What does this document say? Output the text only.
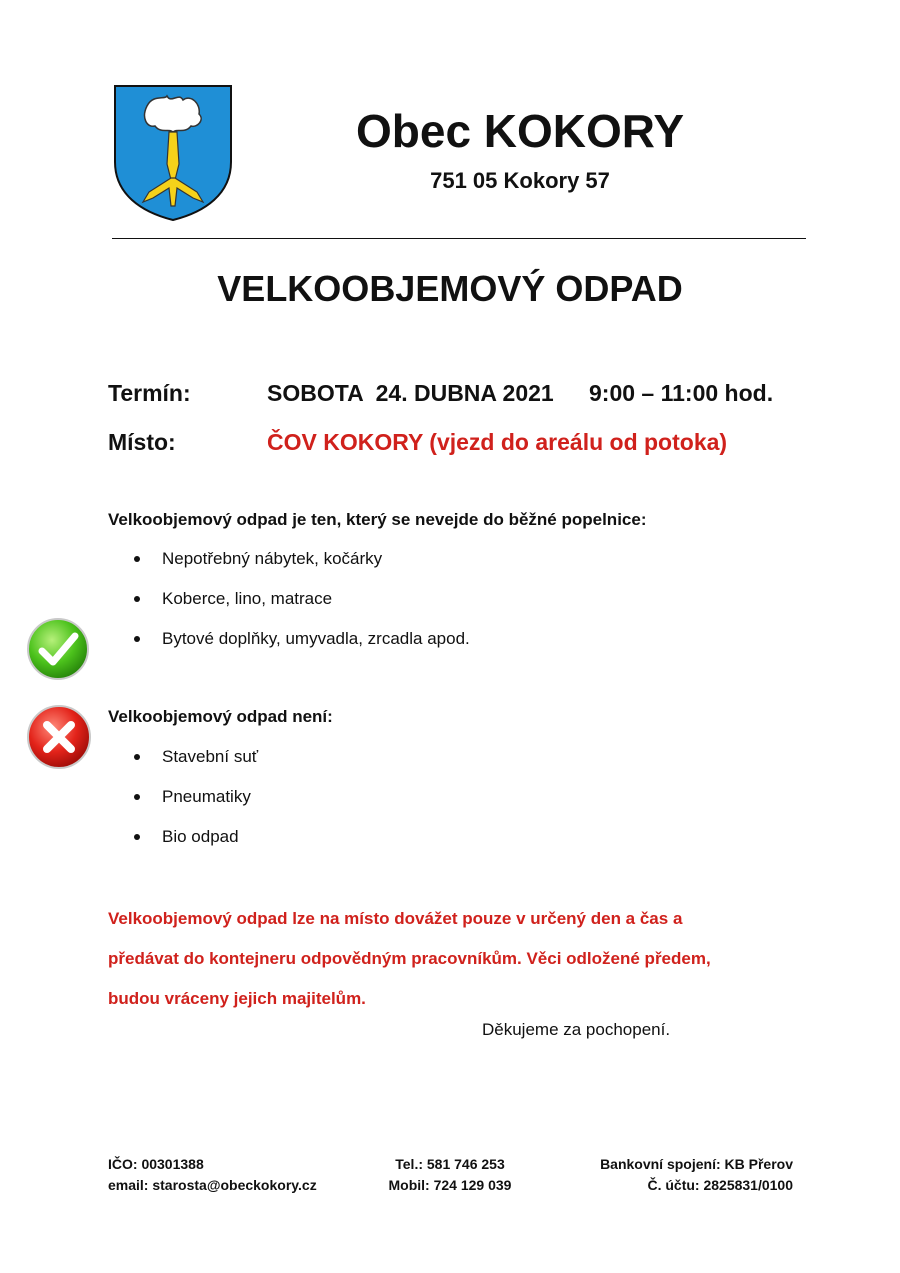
Obec KOKORY
751 05 Kokory 57
VELKOOBJEMOVÝ ODPAD
Termín:	SOBOTA  24. DUBNA 2021 9:00 – 11:00 hod.
Místo:	ČOV KOKORY (vjezd do areálu od potoka)
Velkoobjemový odpad je ten, který se nevejde do běžné popelnice:
Nepotřebný nábytek, kočárky
Koberce, lino, matrace
Bytové doplňky, umyvadla, zrcadla apod.
Velkoobjemový odpad není:
Stavební suť
Pneumatiky
Bio odpad
Velkoobjemový odpad lze na místo dovážet pouze v určený den a čas a
předávat do kontejneru odpovědným pracovníkům. Věci odložené předem,
budou vráceny jejich majitelům.
Děkujeme za pochopení.
IČO: 00301388
email: starosta@obeckokory.cz
Tel.: 581 746 253
Mobil: 724 129 039
Bankovní spojení: KB Přerov
Č. účtu: 2825831/0100
